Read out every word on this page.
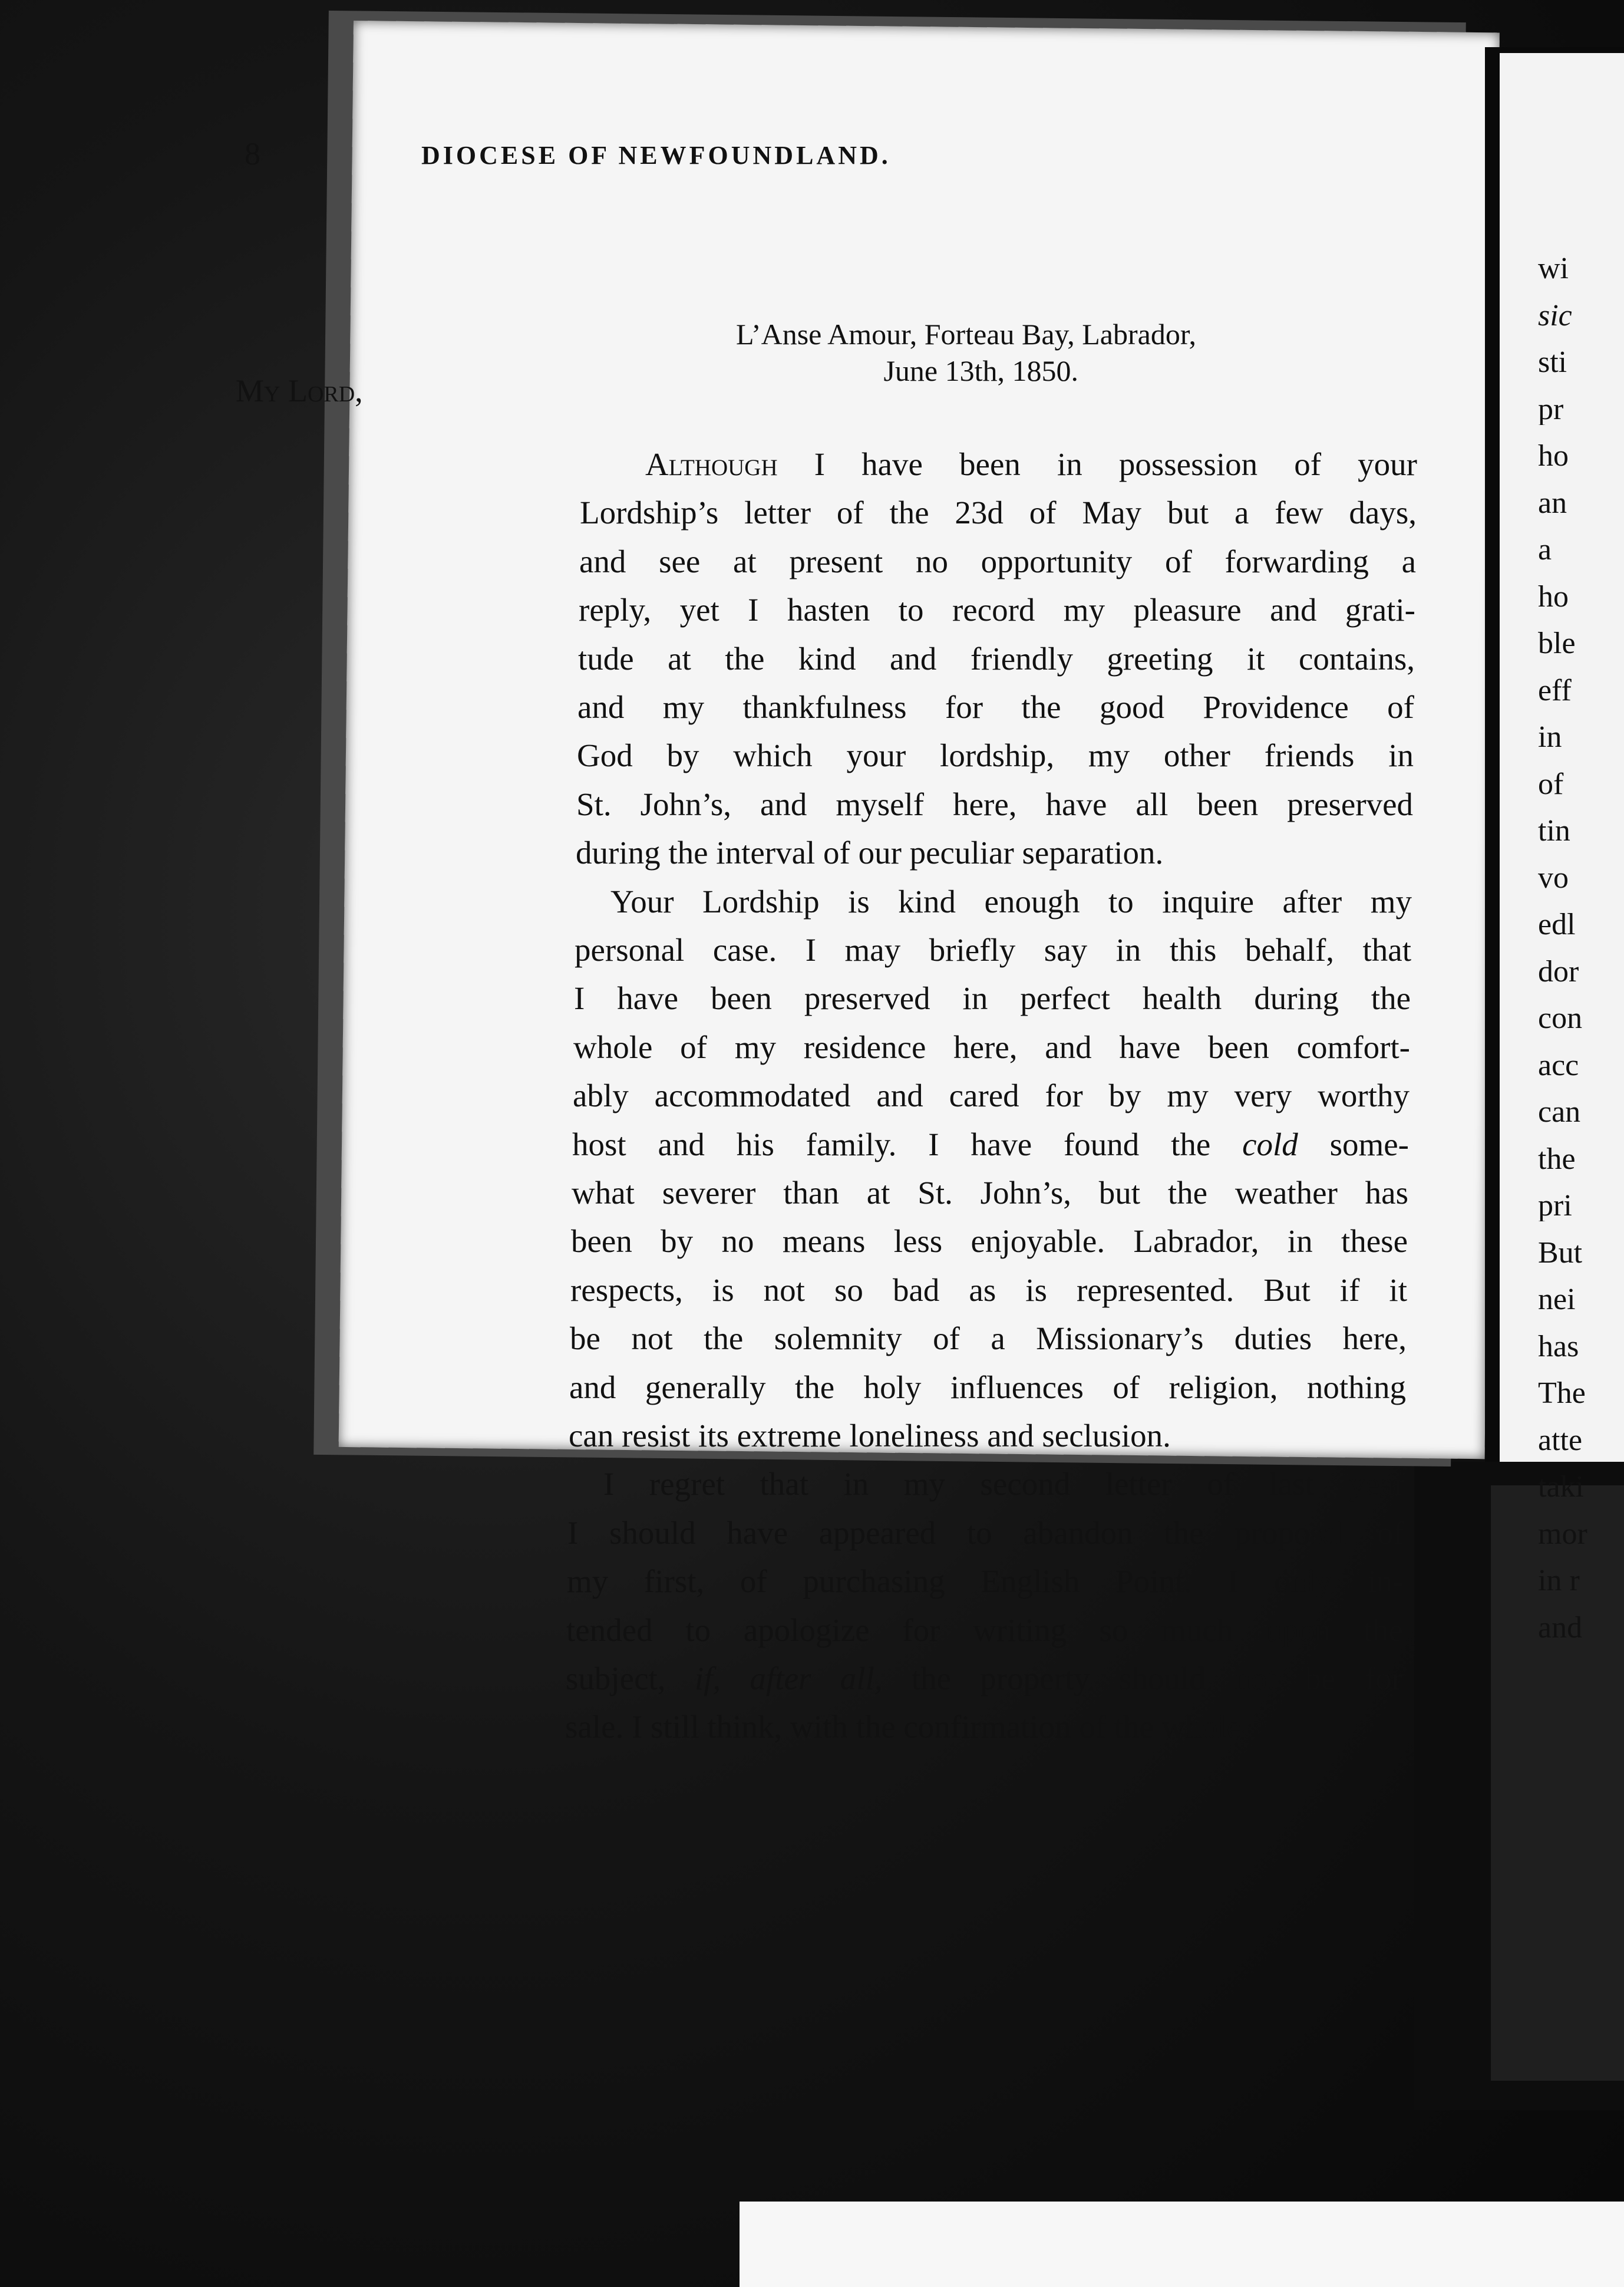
8	DIOCESE OF NEWFOUNDLAND.
L’Anse Amour, Forteau Bay, Labrador,
June 13th, 1850.
My Lord,
Although I have been in possession of your
Lordship’s letter of the 23d of May but a few days,
and see at present no opportunity of forwarding a
reply, yet I hasten to record my pleasure and grati-
tude at the kind and friendly greeting it contains,
and my thankfulness for the good Providence of
God by which your lordship, my other friends in
St. John’s, and myself here, have all been preserved
during the interval of our peculiar separation.
Your Lordship is kind enough to inquire after my
personal case. I may briefly say in this behalf, that
I have been preserved in perfect health during the
whole of my residence here, and have been comfort-
ably accommodated and cared for by my very worthy
host and his family. I have found the cold some-
what severer than at St. John’s, but the weather has
been by no means less enjoyable. Labrador, in these
respects, is not so bad as is represented. But if it
be not the solemnity of a Missionary’s duties here,
and generally the holy influences of religion, nothing
can resist its extreme loneliness and seclusion.
I regret that in my second letter of last year
I should have appeared to abandon the proposal of
my first, of purchasing English Point. I only in-
tended to apologize for writing so much upon the
subject, if, after all, the property should not be for
sale. I still think, with the confirmation of the whole
wi
sic
sti
pr
ho
an
a
ho
ble
eff
in
of
tin
vo
edl
dor
con
acc
can
the
pri
But
nei
has
The
atte
taki
mor
in r
and
